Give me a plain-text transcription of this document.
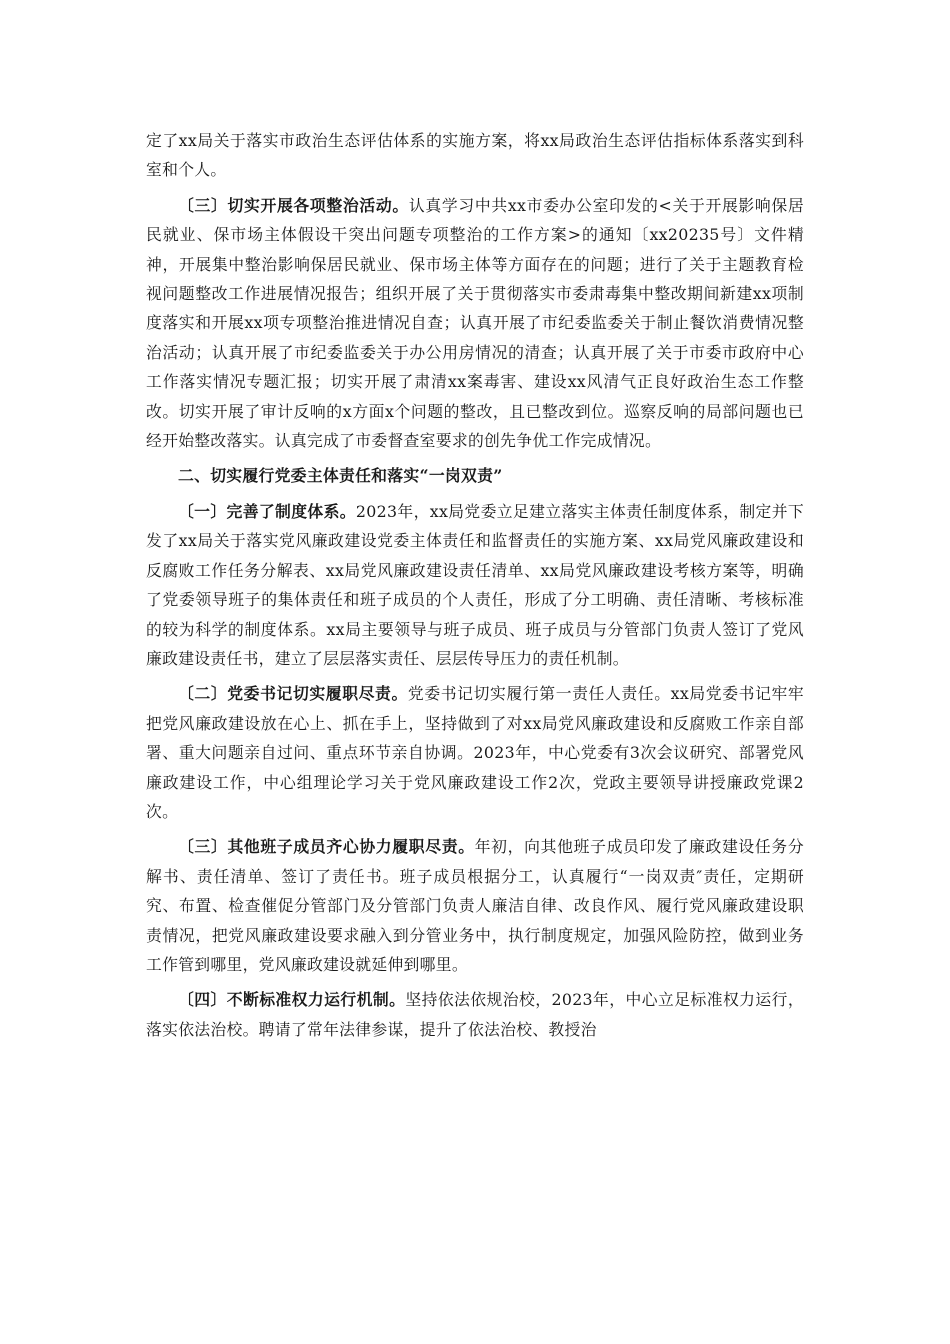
定了xx局关于落实市政治生态评估体系的实施方案，将xx局政治生态评估指标体系落实到科室和个人。

〔三〕切实开展各项整治活动。认真学习中共xx市委办公室印发的<关于开展影响保居民就业、保市场主体假设干突出问题专项整治的工作方案>的通知〔xx20235号〕文件精神，开展集中整治影响保居民就业、保市场主体等方面存在的问题；进行了关于主题教育检视问题整改工作进展情况报告；组织开展了关于贯彻落实市委肃毒集中整改期间新建xx项制度落实和开展xx项专项整治推进情况自查；认真开展了市纪委监委关于制止餐饮消费情况整治活动；认真开展了市纪委监委关于办公用房情况的清查；认真开展了关于市委市政府中心工作落实情况专题汇报；切实开展了肃清xx案毒害、建设xx风清气正良好政治生态工作整改。切实开展了审计反响的x方面x个问题的整改，且已整改到位。巡察反响的局部问题也已经开始整改落实。认真完成了市委督查室要求的创先争优工作完成情况。

二、切实履行党委主体责任和落实“一岗双责”

〔一〕完善了制度体系。2023年，xx局党委立足建立落实主体责任制度体系，制定并下发了xx局关于落实党风廉政建设党委主体责任和监督责任的实施方案、xx局党风廉政建设和反腐败工作任务分解表、xx局党风廉政建设责任清单、xx局党风廉政建设考核方案等，明确了党委领导班子的集体责任和班子成员的个人责任，形成了分工明确、责任清晰、考核标准的较为科学的制度体系。xx局主要领导与班子成员、班子成员与分管部门负责人签订了党风廉政建设责任书，建立了层层落实责任、层层传导压力的责任机制。

〔二〕党委书记切实履职尽责。党委书记切实履行第一责任人责任。xx局党委书记牢牢把党风廉政建设放在心上、抓在手上，坚持做到了对xx局党风廉政建设和反腐败工作亲自部署、重大问题亲自过问、重点环节亲自协调。2023年，中心党委有3次会议研究、部署党风廉政建设工作，中心组理论学习关于党风廉政建设工作2次，党政主要领导讲授廉政党课2次。

〔三〕其他班子成员齐心协力履职尽责。年初，向其他班子成员印发了廉政建设任务分解书、责任清单、签订了责任书。班子成员根据分工，认真履行“一岗双责″责任，定期研究、布置、检查催促分管部门及分管部门负责人廉洁自律、改良作风、履行党风廉政建设职责情况，把党风廉政建设要求融入到分管业务中，执行制度规定，加强风险防控，做到业务工作管到哪里，党风廉政建设就延伸到哪里。

〔四〕不断标准权力运行机制。坚持依法依规治校，2023年，中心立足标准权力运行，落实依法治校。聘请了常年法律参谋，提升了依法治校、教授治
